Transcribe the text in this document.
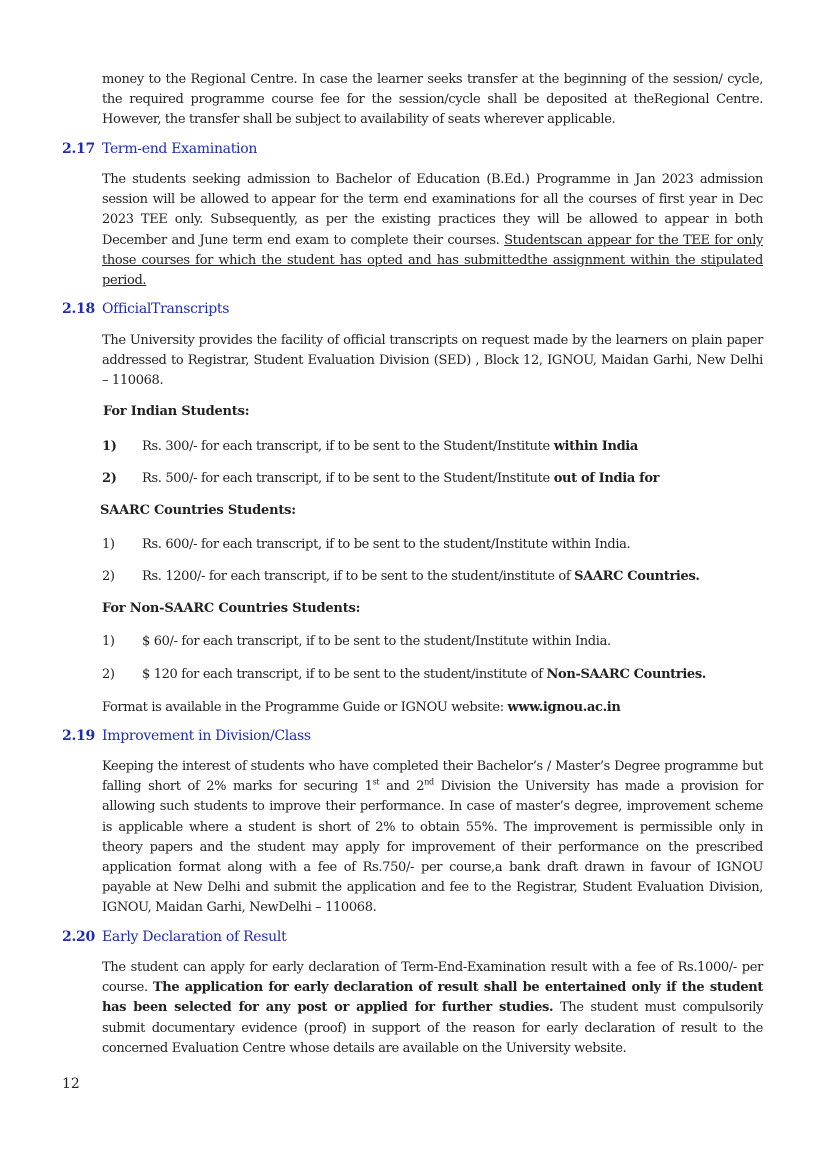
money to the Regional Centre. In case the learner seeks transfer at the beginning of the session/ cycle, the required programme course fee for the session/cycle shall be deposited at theRegional Centre. However, the transfer shall be subject to availability of seats wherever applicable.

2.17 Term-end Examination

The students seeking admission to Bachelor of Education (B.Ed.) Programme in Jan 2023 admission session will be allowed to appear for the term end examinations for all the courses of first year in Dec 2023 TEE only. Subsequently, as per the existing practices they will be allowed to appear in both December and June term end exam to complete their courses. Studentscan appear for the TEE for only those courses for which the student has opted and has submittedthe assignment within the stipulated period.

2.18 OfficialTranscripts

The University provides the facility of official transcripts on request made by the learners on plain paper addressed to Registrar, Student Evaluation Division (SED) , Block 12, IGNOU, Maidan Garhi, New Delhi – 110068.

For Indian Students:
1) Rs. 300/- for each transcript, if to be sent to the Student/Institute within India
2) Rs. 500/- for each transcript, if to be sent to the Student/Institute out of India for
SAARC Countries Students:
1) Rs. 600/- for each transcript, if to be sent to the student/Institute within India.
2) Rs. 1200/- for each transcript, if to be sent to the student/institute of SAARC Countries.
For Non-SAARC Countries Students:
1) $ 60/- for each transcript, if to be sent to the student/Institute within India.
2) $ 120 for each transcript, if to be sent to the student/institute of Non-SAARC Countries.
Format is available in the Programme Guide or IGNOU website: www.ignou.ac.in
2.19 Improvement in Division/Class

Keeping the interest of students who have completed their Bachelor’s / Master’s Degree programme but falling short of 2% marks for securing 1st and 2nd Division the University has made a provision for allowing such students to improve their performance. In case of master’s degree, improvement scheme is applicable where a student is short of 2% to obtain 55%. The improvement is permissible only in theory papers and the student may apply for improvement of their performance on the prescribed application format along with a fee of Rs.750/- per course,a bank draft drawn in favour of IGNOU payable at New Delhi and submit the application and fee to the Registrar, Student Evaluation Division, IGNOU, Maidan Garhi, NewDelhi – 110068.

2.20 Early Declaration of Result

The student can apply for early declaration of Term-End-Examination result with a fee of Rs.1000/- per course. The application for early declaration of result shall be entertained only if the student has been selected for any post or applied for further studies. The student must compulsorily submit documentary evidence (proof) in support of the reason for early declaration of result to the concerned Evaluation Centre whose details are available on the University website.

12
